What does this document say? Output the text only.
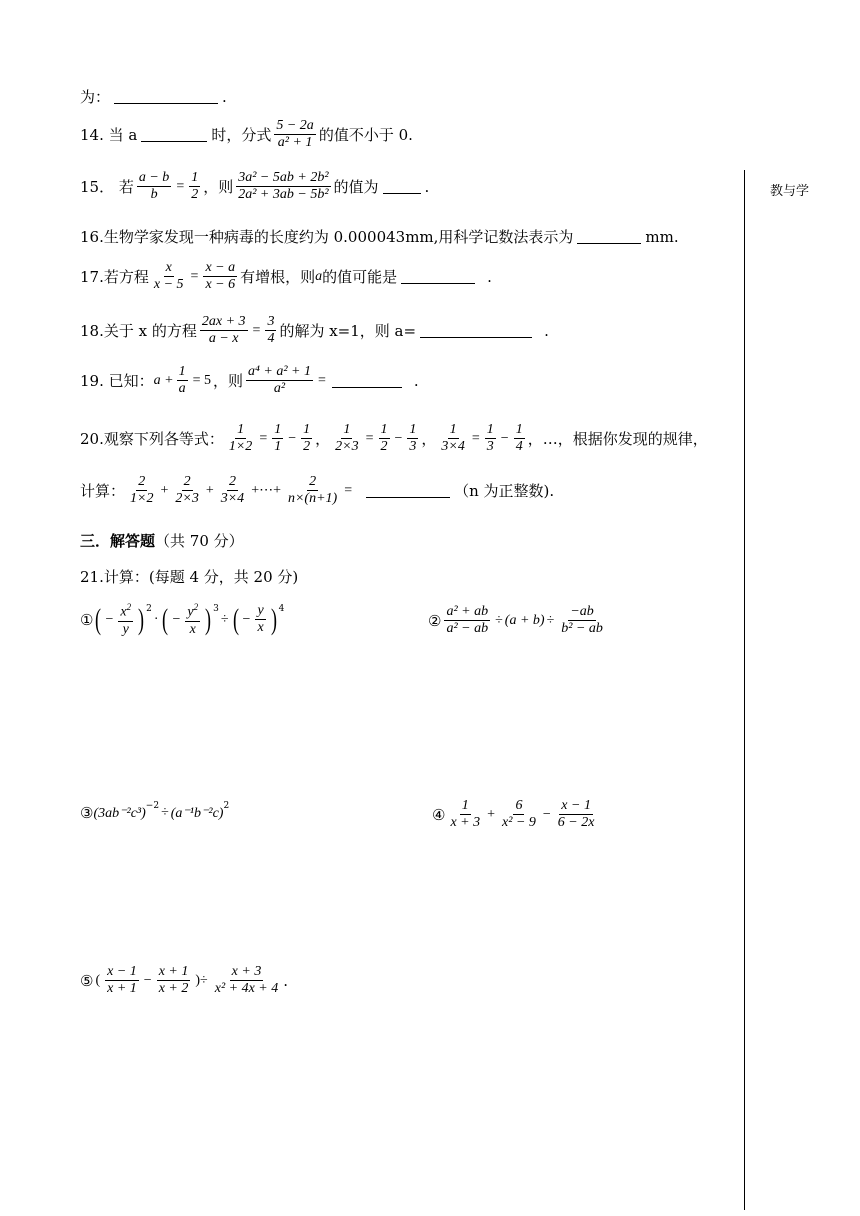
教与学
为：	.
14. 当 a	时，分式 $\frac{5 - 2a}{\text{a² + 1}}$ 的值不小于 0.
15． 若 $\frac{a - b}{b} = \frac{1}{2}$ ，则 $\frac{\text{3a² − 5ab + 2b²}}{\text{2a² + 3ab − 5b²}}$ 的值为	.
16.生物学家发现一种病毒的长度约为 0.000043mm,用科学记数法表示为	mm.
17.若方程 $\frac{x}{x - 5} = \frac{x - a}{x - 6}$ 有增根，则 a 的值可能是	.
18.关于 x 的方程 $\frac{2ax + 3}{a - x} = \frac{3}{4}$ 的解为 x=1，则 a=	.
19. 已知： $a + \frac{1}{a} = 5$ ，则 $\frac{\text{a⁴ + a² + 1}}{\text{a²}}$ =	.
20.观察下列各等式： $\frac{1}{1\times 2} = \frac{1}{1} - \frac{1}{2}$ ， $\frac{1}{2\times 3} = \frac{1}{2} - \frac{1}{3}$ ， $\frac{1}{3\times 4} = \frac{1}{3} - \frac{1}{4}$ ，…，根据你发现的规律，
计算： $\frac{2}{1\times 2} + \frac{2}{2\times 3} + \frac{2}{3\times 4}$ +⋯+ $\frac{2}{n\times(n+1)}$ =	（n 为正整数).
三．解答题 （共 70 分）
21.计算：(每题 4 分，共 20 分)
① ( − $\frac{x^2}{y} )^2$
· ( − $\frac{y^2}{x} )^3$
÷ ( − $\frac{y}{x} )^4$
② $\frac{\text{a² + ab}}{\text{a² − ab}} \div (a + b) \div \frac{-ab}{\text{b² − ab}}$
③ $(3ab^{-2}c^3)^{-2} \div (a^{-1}b^{-2}c)^2$	④ $\frac{1}{x + 3} + \frac{6}{\text{x² − 9}} - \frac{x - 1}{6 - 2x}$
⑤ ( $\frac{x - 1}{x + 1} - \frac{x + 1}{x + 2}$ )÷ $\frac{x + 3}{\text{x² + 4x + 4}}$ .
